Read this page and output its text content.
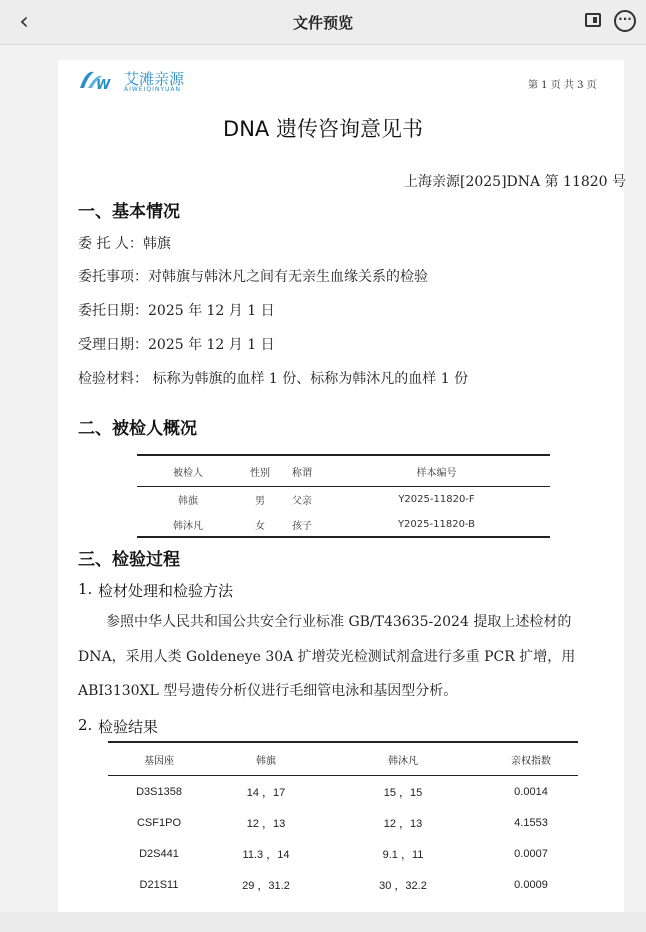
‹	文件预览	···
W 艾滩亲源
AIWEIQINYUAN	第 1 页 共 3 页
DNA 遗传咨询意见书
上海亲源[2025]DNA 第 11820 号
一、基本情况
委 托 人：韩旗
委托事项：对韩旗与韩沐凡之间有无亲生血缘关系的检验
委托日期：2025 年 12 月 1 日
受理日期：2025 年 12 月 1 日
检验材料： 标称为韩旗的血样 1 份、标称为韩沐凡的血样 1 份
二、被检人概况
被检人	性别	称谓	样本编号
韩旗	男	父亲	Y2025-11820-F
韩沐凡	女	孩子	Y2025-11820-B
三、检验过程
1. 检材处理和检验方法
参照中华人民共和国公共安全行业标准 GB/T43635-2024 提取上述检材的
DNA，采用人类 Goldeneye 30A 扩增荧光检测试剂盒进行多重 PCR 扩增，用
ABI3130XL 型号遗传分析仪进行毛细管电泳和基因型分析。
2. 检验结果
基因座	韩旗	韩沐凡	亲权指数
D3S1358	14 ，17	15 ，15	0.0014
CSF1PO	12 ，13	12 ，13	4.1553
D2S441	11.3 ，14	9.1 ，11	0.0007
D21S11	29 ，31.2	30 ，32.2	0.0009
